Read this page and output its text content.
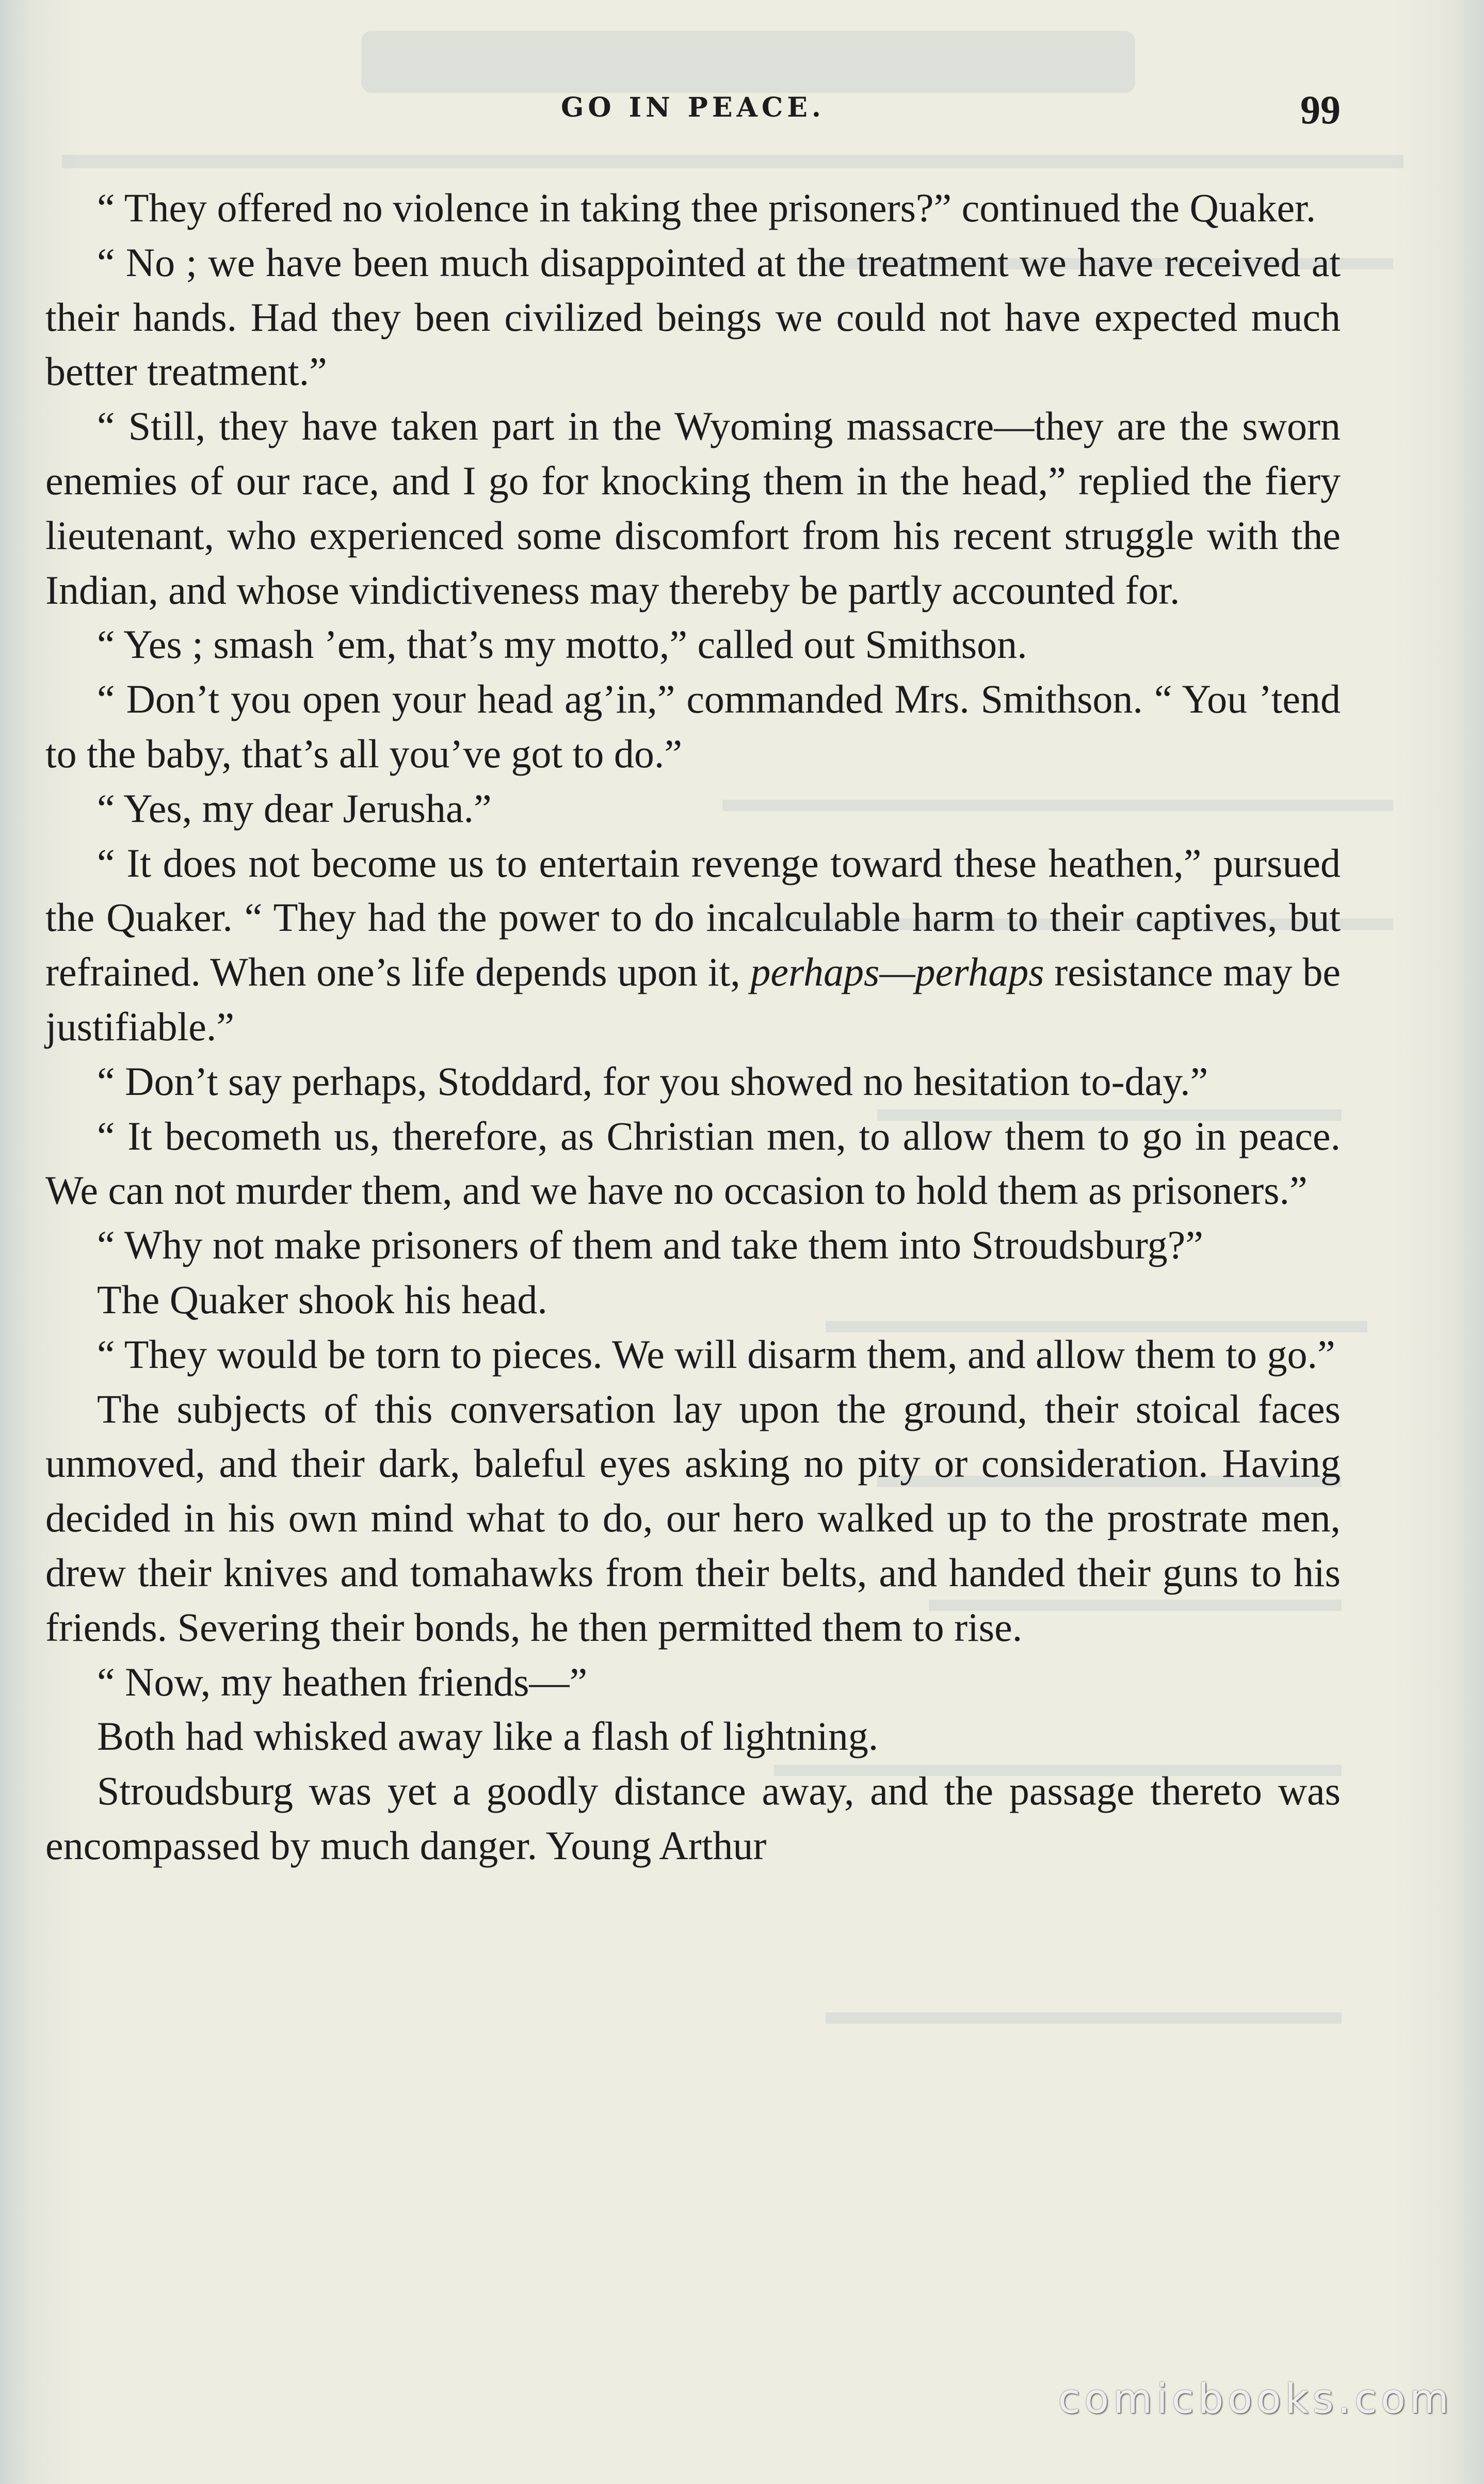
GO IN PEACE.	99

“ They offered no violence in taking thee prisoners?” continued the Quaker.

“ No ; we have been much disappointed at the treatment we have received at their hands. Had they been civilized beings we could not have expected much better treatment.”

“ Still, they have taken part in the Wyoming massacre—they are the sworn enemies of our race, and I go for knocking them in the head,” replied the fiery lieutenant, who experienced some discomfort from his recent struggle with the Indian, and whose vindictiveness may thereby be partly accounted for.

“ Yes ; smash ’em, that’s my motto,” called out Smithson.

“ Don’t you open your head ag’in,” commanded Mrs. Smithson. “ You ’tend to the baby, that’s all you’ve got to do.”

“ Yes, my dear Jerusha.”

“ It does not become us to entertain revenge toward these heathen,” pursued the Quaker. “ They had the power to do incalculable harm to their captives, but refrained. When one’s life depends upon it, perhaps—perhaps resistance may be justifiable.”

“ Don’t say perhaps, Stoddard, for you showed no hesitation to-day.”

“ It becometh us, therefore, as Christian men, to allow them to go in peace. We can not murder them, and we have no occasion to hold them as prisoners.”

“ Why not make prisoners of them and take them into Stroudsburg?”

The Quaker shook his head.

“ They would be torn to pieces. We will disarm them, and allow them to go.”

The subjects of this conversation lay upon the ground, their stoical faces unmoved, and their dark, baleful eyes asking no pity or consideration. Having decided in his own mind what to do, our hero walked up to the prostrate men, drew their knives and tomahawks from their belts, and handed their guns to his friends. Severing their bonds, he then permitted them to rise.

“ Now, my heathen friends—”

Both had whisked away like a flash of lightning.

Stroudsburg was yet a goodly distance away, and the passage thereto was encompassed by much danger. Young Arthur

comicbooks.com
